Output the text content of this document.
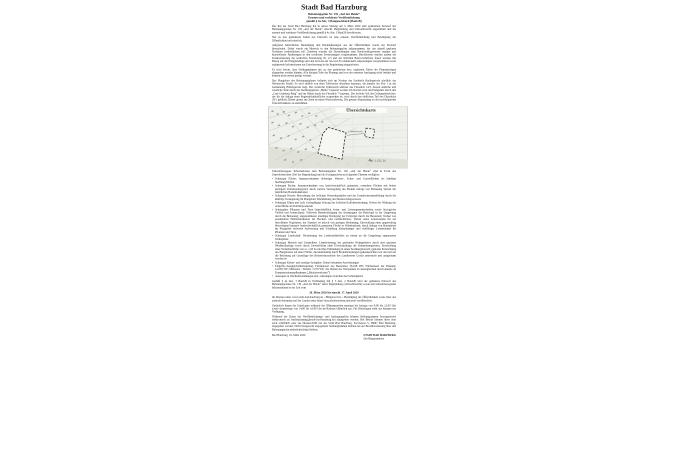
Stadt Bad Harzburg

Bebauungsplan Nr. 139 „Auf der Heide“

Erneute und verkürzte Veröffentlichung

gemäß § 4a Abs. 3 Baugesetzbuch (BauGB)

Der Rat der Stadt Bad Harzburg hat in seiner Sitzung am 3. März 2020 dem geänderten Entwurf des Bebauungsplanes Nr. 139 „Auf der Heide“ einschl. Begründung und Umweltbericht zugestimmt und die erneute und verkürzte Veröffentlichung gemäß § 4a Abs. 3 BauGB beschlossen.

Nur zu den geänderten Teilen des Entwurfs ist eine erneute Veröffentlichung und Beteiligung der Öffentlichkeit erforderlich.

Aufgrund behördlicher Beteiligung und Rückäußerungen aus der Öffentlichkeit wurde der Entwurf überarbeitet. Dabei wurde ein Hinweis in den Bebauungsplan aufgenommen, der das aktuell geplante Vorhaben verdeutlichen soll. Daneben wurden die Darstellungen zum Niederschlagswasser ergänzt und klarstellende Änderungen in den textlichen Festsetzungen vorgenommen. Beschlossen wurden zudem die Konkretisierung der textlichen Festsetzung Nr. 2.5 und der örtlichen Bauvorschriften; ferner wurden mit Bezug auf die Plangrundlage und den Verweis auf das LGLN redaktionelle Anpassungen vorgenommen sowie ergänzende Informationen zur Entwässerung in die Begründung eingearbeitet.

Es wird betont, dass Stellungnahmen nur zu den geänderten bzw. ergänzten Teilen der Planunterlagen abgegeben werden können. Alle übrigen Teile der Planung sind von der erneuten Auslegung nicht berührt und können nicht erneut gerügt werden.

Das Plangebiet des Bebauungsplanes befindet sich im Norden des Stadtteils Harlingerode nördlich der Westeroder Straße. Es wird südlich von einer Teilstrecke derselben begrenzt, die jenseits der Flur 1 in der Gemarkung Harlingerode liegt. Der westliche Teilbereich umfasst das Flurstück 14/3, dessen südliche und westliche Teile durch das Siedlungsgebiet „Heide“ begrenzt werden. Im Norden wird das Plangebiet durch den „Curt-Grünberg-Ring“ und im Süden durch das Flurstück 7 begrenzt. Der östliche Teil des Geltungsbereiches, der für die Anlage einer Regenrückhaltefläche vorgesehen ist, wird durch den südlichen Teil des Flurstücks 29/1 gebildet. Dieser grenzt im Osten an einen Wirtschaftsweg. Die genaue Abgrenzung ist der nachfolgenden Übersichtsskizze zu entnehmen.

Geltungsbereich
Übersichtskarte
LGLN

Umweltbezogene Informationen zum Bebauungsplan Nr. 139 „Auf der Heide“ sind in Form des Umweltberichtes (Teil der Begründung) und als Fachgutachten zu folgenden Themen verfügbar:

• Schutzgut Fläche: Inanspruchnahme bisheriger Wiesen-, Acker- und Gartenflächen als künftige Siedlungsflächen
• Schutzgut Boden: Inanspruchnahme von landwirtschaftlich genutzten, ortsnahen Flächen mit bisher geringem Vorbelastungsgrad; durch weitere Versiegelung des Bodens infolge von Bebauung Verlust der natürlichen Bodenfunktionen
• Schutzgut Wasser: Betrachtung des örtlichen Wasserhaushaltes und der Grundwasserneubildung durch die künftige Versiegelung im Plangebiet; Rückhaltung des Niederschlagswassers
• Schutzgut Klima und Luft: Geringfügige Störung der örtlichen Kaltluftentstehung; Verlust der Wirkung der Ackerfläche als Kaltluftproduzent
• Schutzgüter Pflanzen und Tiere (einschließlich Arten- und Lebensgemeinschaften sowie biologische Vielfalt und Artenschutz): Teilweise Beeinträchtigung der Artengruppe der Brutvögel in der Umgebung durch die Bebauung; angenommener anteiliger Rückgang der Feldvögel durch die Bauzeiten; Verlust von potenziellen Habitatstrukturen der Hecken- und Gebüschbrüter; Verlust eines Lebensraums für die betroffenen Vogelarten, der Standort ist jedoch von geringer Bedeutung; Entwicklung einer gegenwärtig überwiegend intensiv landwirtschaftlich genutzten Fläche in Wohnbauland; durch Anlage von Hausgärten im Plangebiet teilweise Aufwertung und Schaffung kleinräumiger und vielfältiger Lebensräume für Pflanzen und Tiere
• Schutzgut Landschaft: Veränderung des Landschaftsbildes zu einem an die Umgebung angepassten Wohngebiet
• Schutzgut Mensch und Gesundheit: Lärmbelastung des geplanten Wohngebietes durch eine geplante Windkraftanlage sowie durch Gewerbelärm ohne Überschreitung der Orientierungswerte; Entwicklung einer Wohnbaufläche von ca. 1,95 ha und ihre Einbindung in einen Siedlungsbereich; geplante Entwicklung des Baugebietes auf einer Fläche, die kleinräumig durch Bodenbelastungen gekennzeichnet war und auf der die Belastung auf Grundlage des Bodenschutzrechts des Landkreises Goslar untersucht und ausgeräumt worden ist
• Schutzgut Kultur- und sonstige Sachgüter: Keine bekannten Auswirkungen
• Eingriffs-/Ausgleichsbilanzierung: Flächenwert des Bestandes: 36.168 WE; Flächenwert der Planung: 41.058 WE; Differenz / Defizit: 7.270 WE; das Defizit der Wertpunkte ist auszugleichen durch Anteile an Kompensationsmaßnahmen („Biotopwertkonto“)
• Aussagen zu Wechselbeziehungen und -wirkungen zwischen den Schutzgütern

Gemäß § 4a Abs. 3 BauGB in Verbindung mit § 3 Abs. 2 BauGB wird der geänderte Entwurf des Bebauungsplanes Nr. 139 „Auf der Heide“ nebst Begründung (Umweltbericht) sowie den umweltbezogenen Informationen in der Zeit vom

20. März 2020 bis einschl. 17. April 2020

im Internet unter www.stadt-bad-harzburg.de › Bürgerservice › Beteiligung der Öffentlichkeit sowie über das zentrale Internetportal des Landes unter https://uvp.niedersachsen.de/portal veröffentlicht.

Zusätzlich liegen die Unterlagen während der Öffnungszeiten montags bis freitags von 9:00 bis 12:00 Uhr sowie donnerstags von 14:00 bis 16:00 Uhr im Rathaus öffentlich aus. Für Rückfragen steht das Bauamt zur Verfügung.

Während der Dauer der Veröffentlichungs- und Auslegungsfrist können Stellungnahmen (vorzugsweise elektronisch an bauleitplanung@stadt-bad-harzburg.de) abgegeben werden. Bei Bedarf können diese aber auch schriftlich oder zur Niederschrift bei der Stadt Bad Harzburg, Forstwiese 5, 38667 Bad Harzburg, abgegeben werden. Nicht fristgerecht abgegebene Stellungnahmen können bei der Beschlussfassung über den Bebauungsplan unberücksichtigt bleiben.

Bad Harzburg, 16. März 2020	STADT BAD HARZBURG
Der Bürgermeister
